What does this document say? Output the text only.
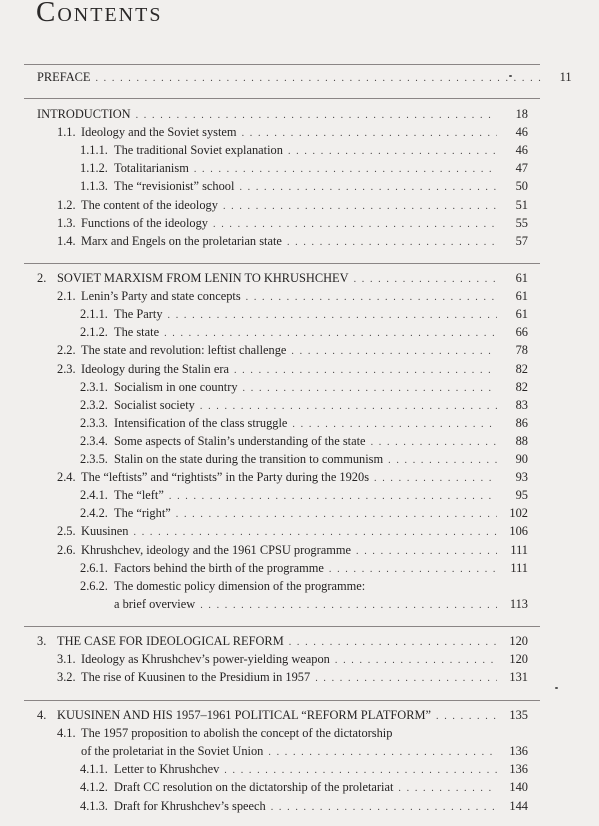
Contents
PREFACE . . .	11
INTRODUCTION . . .	18
1.1. Ideology and the Soviet system . . .	46
1.1.1. The traditional Soviet explanation . . .	46
1.1.2. Totalitarianism . . .	47
1.1.3. The “revisionist” school . . .	50
1.2. The content of the ideology . . .	51
1.3. Functions of the ideology . . .	55
1.4. Marx and Engels on the proletarian state . . .	57
2. SOVIET MARXISM FROM LENIN TO KHRUSHCHEV . . .	61
2.1. Lenin’s Party and state concepts . . .	61
2.1.1. The Party . . .	61
2.1.2. The state . . .	66
2.2. The state and revolution: leftist challenge . . .	78
2.3. Ideology during the Stalin era . . .	82
2.3.1. Socialism in one country . . .	82
2.3.2. Socialist society . . .	83
2.3.3. Intensification of the class struggle . . .	86
2.3.4. Some aspects of Stalin’s understanding of the state . . .	88
2.3.5. Stalin on the state during the transition to communism . . .	90
2.4. The “leftists” and “rightists” in the Party during the 1920s . . .	93
2.4.1. The “left” . . .	95
2.4.2. The “right” . . .	102
2.5. Kuusinen . . .	106
2.6. Khrushchev, ideology and the 1961 CPSU programme . . .	111
2.6.1. Factors behind the birth of the programme . . .	111
2.6.2. The domestic policy dimension of the programme:
a brief overview . . .	113
3. THE CASE FOR IDEOLOGICAL REFORM . . .	120
3.1. Ideology as Khrushchev’s power-yielding weapon . . .	120
3.2. The rise of Kuusinen to the Presidium in 1957 . . .	131
4. KUUSINEN AND HIS 1957–1961 POLITICAL “REFORM PLATFORM” . . .	135
4.1. The 1957 proposition to abolish the concept of the dictatorship
of the proletariat in the Soviet Union . . .	136
4.1.1. Letter to Khrushchev . . .	136
4.1.2. Draft CC resolution on the dictatorship of the proletariat . . .	140
4.1.3. Draft for Khrushchev’s speech . . .	144
